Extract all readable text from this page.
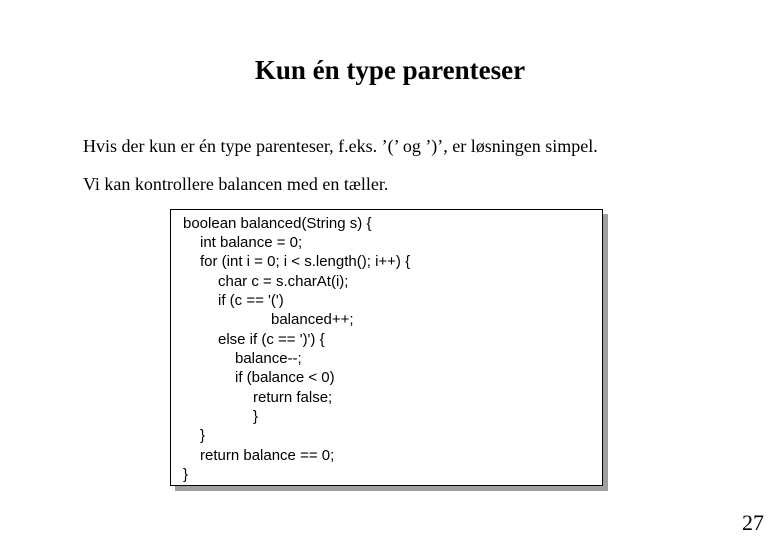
Kun én type parenteser
Hvis der kun er én type parenteser, f.eks. ’(’ og ’)’, er løsningen simpel.
Vi kan kontrollere balancen med en tæller.
boolean balanced(String s) {
int balance = 0;
for (int i = 0; i < s.length(); i++) {
char c = s.charAt(i);
if (c == '(')
balanced++;
else if (c == ')') {
balance--;
if (balance < 0)
return false;
}
}
return balance == 0;
}
27
